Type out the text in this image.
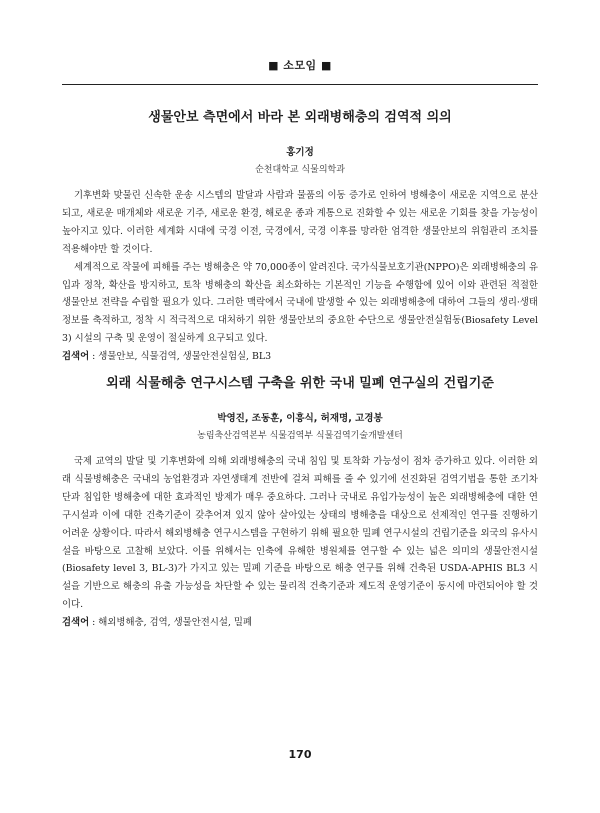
■ 소모임 ■
생물안보 측면에서 바라 본 외래병해충의 검역적 의의
홍기정
순천대학교 식물의학과

기후변화 맞물린 신속한 운송 시스템의 발달과 사람과 물품의 이동 증가로 인하여 병해충이 새로운 지역으로 분산되고, 새로운 매개체와 새로운 기주, 새로운 환경, 해로운 종과 계통으로 진화할 수 있는 새로운 기회를 찾을 가능성이 높아지고 있다. 이러한 세계화 시대에 국경 이전, 국경에서, 국경 이후를 망라한 엄격한 생물안보의 위험관리 조치를 적용해야만 할 것이다.

세계적으로 작물에 피해를 주는 병해충은 약 70,000종이 알려진다. 국가식물보호기관(NPPO)은 외래병해충의 유입과 정착, 확산을 방지하고, 토착 병해충의 확산을 최소화하는 기본적인 기능을 수행함에 있어 이와 관련된 적절한 생물안보 전략을 수립할 필요가 있다. 그러한 맥락에서 국내에 발생할 수 있는 외래병해충에 대하여 그들의 생리·생태 정보를 축적하고, 정착 시 적극적으로 대처하기 위한 생물안보의 중요한 수단으로 생물안전실험동(Biosafety Level 3) 시설의 구축 및 운영이 절실하게 요구되고 있다.

검색어 : 생물안보, 식물검역, 생물안전실험실, BL3
외래 식물해충 연구시스템 구축을 위한 국내 밀폐 연구실의 건립기준
박영진, 조동훈, 이흥식, 허재명, 고경봉
농림축산검역본부 식물검역부 식물검역기술개발센터

국제 교역의 발달 및 기후변화에 의해 외래병해충의 국내 침입 및 토착화 가능성이 점차 증가하고 있다. 이러한 외래 식물병해충은 국내의 농업환경과 자연생태계 전반에 걸쳐 피해를 줄 수 있기에 선진화된 검역기법을 통한 조기차단과 침입한 병해충에 대한 효과적인 방제가 매우 중요하다. 그러나 국내로 유입가능성이 높은 외래병해충에 대한 연구시설과 이에 대한 건축기준이 갖추어져 있지 않아 살아있는 상태의 병해충을 대상으로 선제적인 연구를 진행하기 어려운 상황이다. 따라서 해외병해충 연구시스템을 구현하기 위해 필요한 밀폐 연구시설의 건립기준을 외국의 유사시설을 바탕으로 고찰해 보았다. 이를 위해서는 인축에 유해한 병원체를 연구할 수 있는 넓은 의미의 생물안전시설(Biosafety level 3, BL-3)가 가지고 있는 밀폐 기준을 바탕으로 해충 연구를 위해 건축된 USDA-APHIS BL3 시설을 기반으로 해충의 유출 가능성을 차단할 수 있는 물리적 건축기준과 제도적 운영기준이 동시에 마련되어야 할 것이다.

검색어 : 해외병해충, 검역, 생물안전시설, 밀폐
170
